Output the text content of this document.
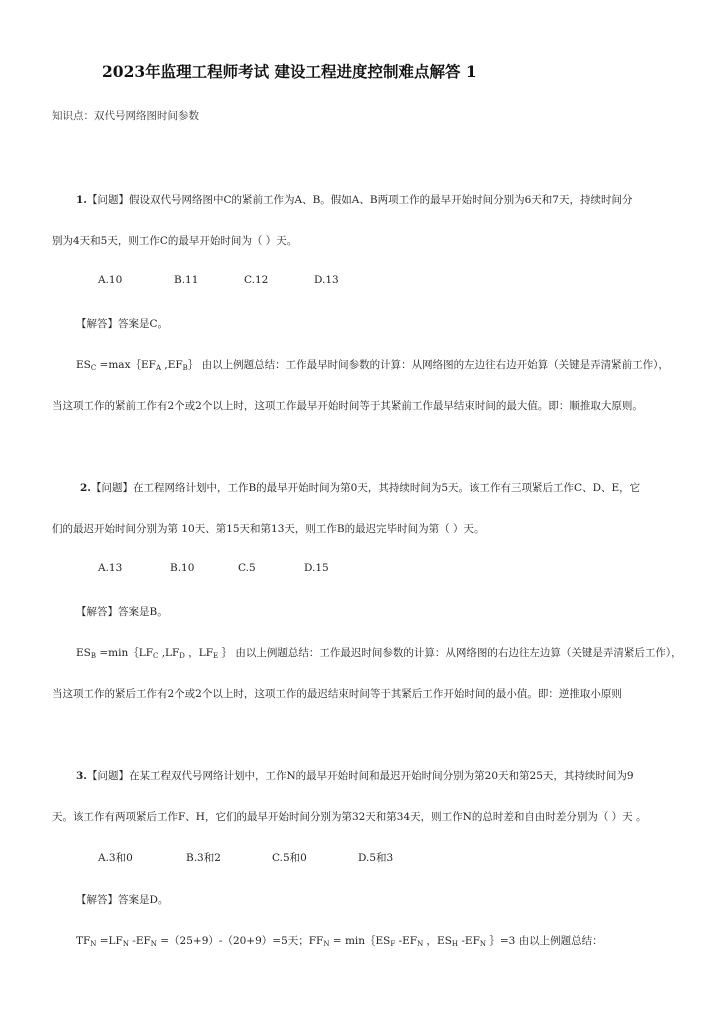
2023年监理工程师考试 建设工程进度控制难点解答 1
知识点：双代号网络图时间参数
1.【问题】假设双代号网络图中C的紧前工作为A、B。假如A、B两项工作的最早开始时间分别为6天和7天，持续时间分
别为4天和5天，则工作C的最早开始时间为（ ）天。
A.10	B.11	C.12	D.13
【解答】答案是C。
$ES_C$ $=\max\{EF_A$ $,EF_B\}$ 由以上例题总结：工作最早时间参数的计算：从网络图的左边往右边开始算（关键是弄清紧前工作），
当这项工作的紧前工作有2个或2个以上时，这项工作最早开始时间等于其紧前工作最早结束时间的最大值。即：顺推取大原则。
2.【问题】在工程网络计划中，工作B的最早开始时间为第0天，其持续时间为5天。该工作有三项紧后工作C、D、E，它
们的最迟开始时间分别为第 10天、第15天和第13天，则工作B的最迟完毕时间为第（ ）天。
A.13	B.10	C.5	D.15
【解答】答案是B。
$ES_B$ $=\min\{LF_C$ $,LF_D$ ，$LF_E$ ｝ 由以上例题总结：工作最迟时间参数的计算：从网络图的右边往左边算（关键是弄清紧后工作），
当这项工作的紧后工作有2个或2个以上时，这项工作的最迟结束时间等于其紧后工作开始时间的最小值。即：逆推取小原则
3.【问题】在某工程双代号网络计划中，工作N的最早开始时间和最迟开始时间分别为第20天和第25天，其持续时间为9
天。该工作有两项紧后工作F、H，它们的最早开始时间分别为第32天和第34天，则工作N的总时差和自由时差分别为（ ）天 。
A.3和0	B.3和2	C.5和0	D.5和3
【解答】答案是D。
$TF_N =LF_N$ $-EF_N =(25+9)-(20+9)=5$天；$FF_N$ = $\min\{ES_F$ $-EF_N$ ，$ES_H$ $-EF_N$ ｝=3 由以上例题总结：
